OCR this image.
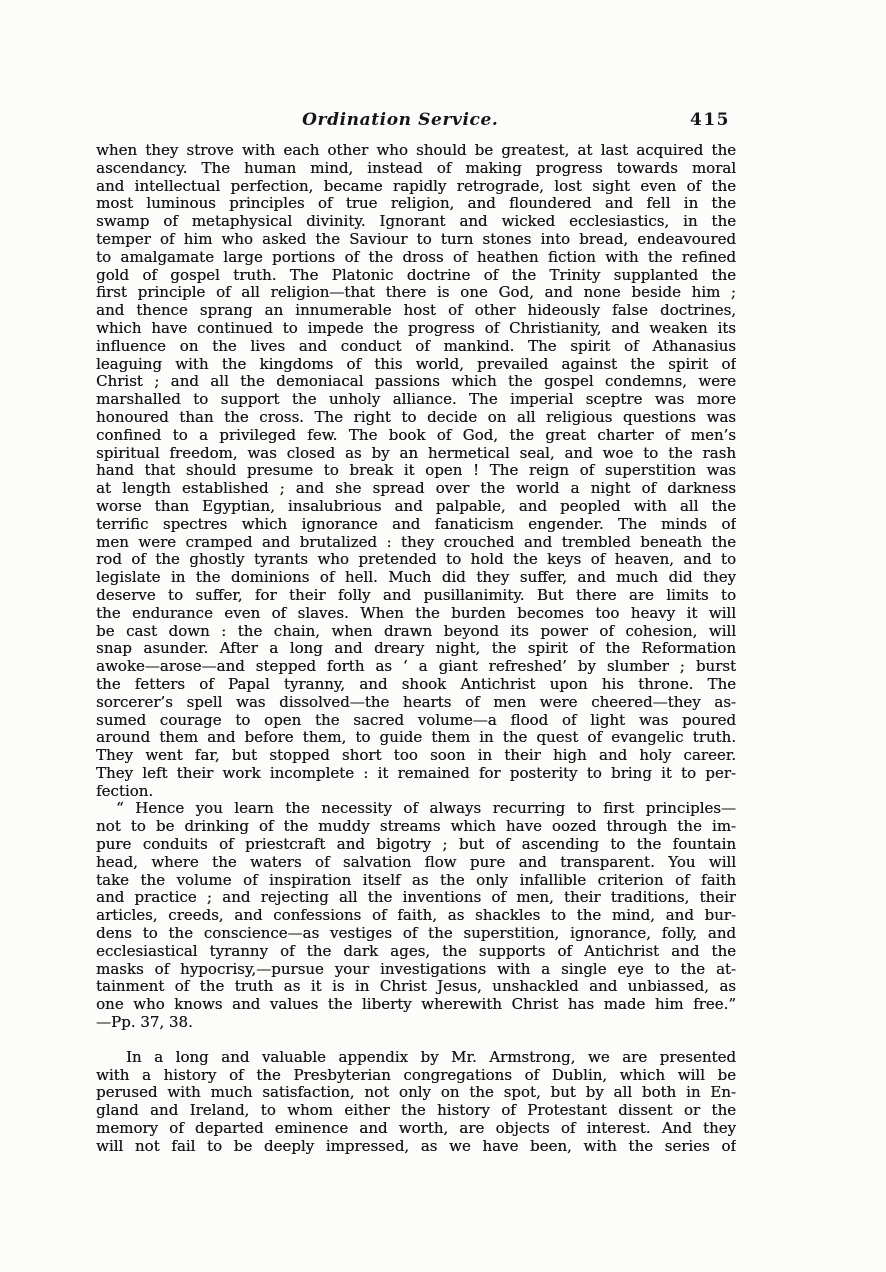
Ordination Service.	415
when they strove with each other who should be greatest, at last acquired the
ascendancy. The human mind, instead of making progress towards moral
and intellectual perfection, became rapidly retrograde, lost sight even of the
most luminous principles of true religion, and floundered and fell in the
swamp of metaphysical divinity. Ignorant and wicked ecclesiastics, in the
temper of him who asked the Saviour to turn stones into bread, endeavoured
to amalgamate large portions of the dross of heathen fiction with the refined
gold of gospel truth. The Platonic doctrine of the Trinity supplanted the
first principle of all religion—that there is one God, and none beside him ;
and thence sprang an innumerable host of other hideously false doctrines,
which have continued to impede the progress of Christianity, and weaken its
influence on the lives and conduct of mankind. The spirit of Athanasius
leaguing with the kingdoms of this world, prevailed against the spirit of
Christ ; and all the demoniacal passions which the gospel condemns, were
marshalled to support the unholy alliance. The imperial sceptre was more
honoured than the cross. The right to decide on all religious questions was
confined to a privileged few. The book of God, the great charter of men’s
spiritual freedom, was closed as by an hermetical seal, and woe to the rash
hand that should presume to break it open ! The reign of superstition was
at length established ; and she spread over the world a night of darkness
worse than Egyptian, insalubrious and palpable, and peopled with all the
terrific spectres which ignorance and fanaticism engender. The minds of
men were cramped and brutalized : they crouched and trembled beneath the
rod of the ghostly tyrants who pretended to hold the keys of heaven, and to
legislate in the dominions of hell. Much did they suffer, and much did they
deserve to suffer, for their folly and pusillanimity. But there are limits to
the endurance even of slaves. When the burden becomes too heavy it will
be cast down : the chain, when drawn beyond its power of cohesion, will
snap asunder. After a long and dreary night, the spirit of the Reformation
awoke—arose—and stepped forth as ‘ a giant refreshed’ by slumber ; burst
the fetters of Papal tyranny, and shook Antichrist upon his throne. The
sorcerer’s spell was dissolved—the hearts of men were cheered—they as-
sumed courage to open the sacred volume—a flood of light was poured
around them and before them, to guide them in the quest of evangelic truth.
They went far, but stopped short too soon in their high and holy career.
They left their work incomplete : it remained for posterity to bring it to per-
fection.
“ Hence you learn the necessity of always recurring to first principles—
not to be drinking of the muddy streams which have oozed through the im-
pure conduits of priestcraft and bigotry ; but of ascending to the fountain
head, where the waters of salvation flow pure and transparent. You will
take the volume of inspiration itself as the only infallible criterion of faith
and practice ; and rejecting all the inventions of men, their traditions, their
articles, creeds, and confessions of faith, as shackles to the mind, and bur-
dens to the conscience—as vestiges of the superstition, ignorance, folly, and
ecclesiastical tyranny of the dark ages, the supports of Antichrist and the
masks of hypocrisy,—pursue your investigations with a single eye to the at-
tainment of the truth as it is in Christ Jesus, unshackled and unbiassed, as
one who knows and values the liberty wherewith Christ has made him free.”
—Pp. 37, 38.
In a long and valuable appendix by Mr. Armstrong, we are presented
with a history of the Presbyterian congregations of Dublin, which will be
perused with much satisfaction, not only on the spot, but by all both in En-
gland and Ireland, to whom either the history of Protestant dissent or the
memory of departed eminence and worth, are objects of interest. And they
will not fail to be deeply impressed, as we have been, with the series of
